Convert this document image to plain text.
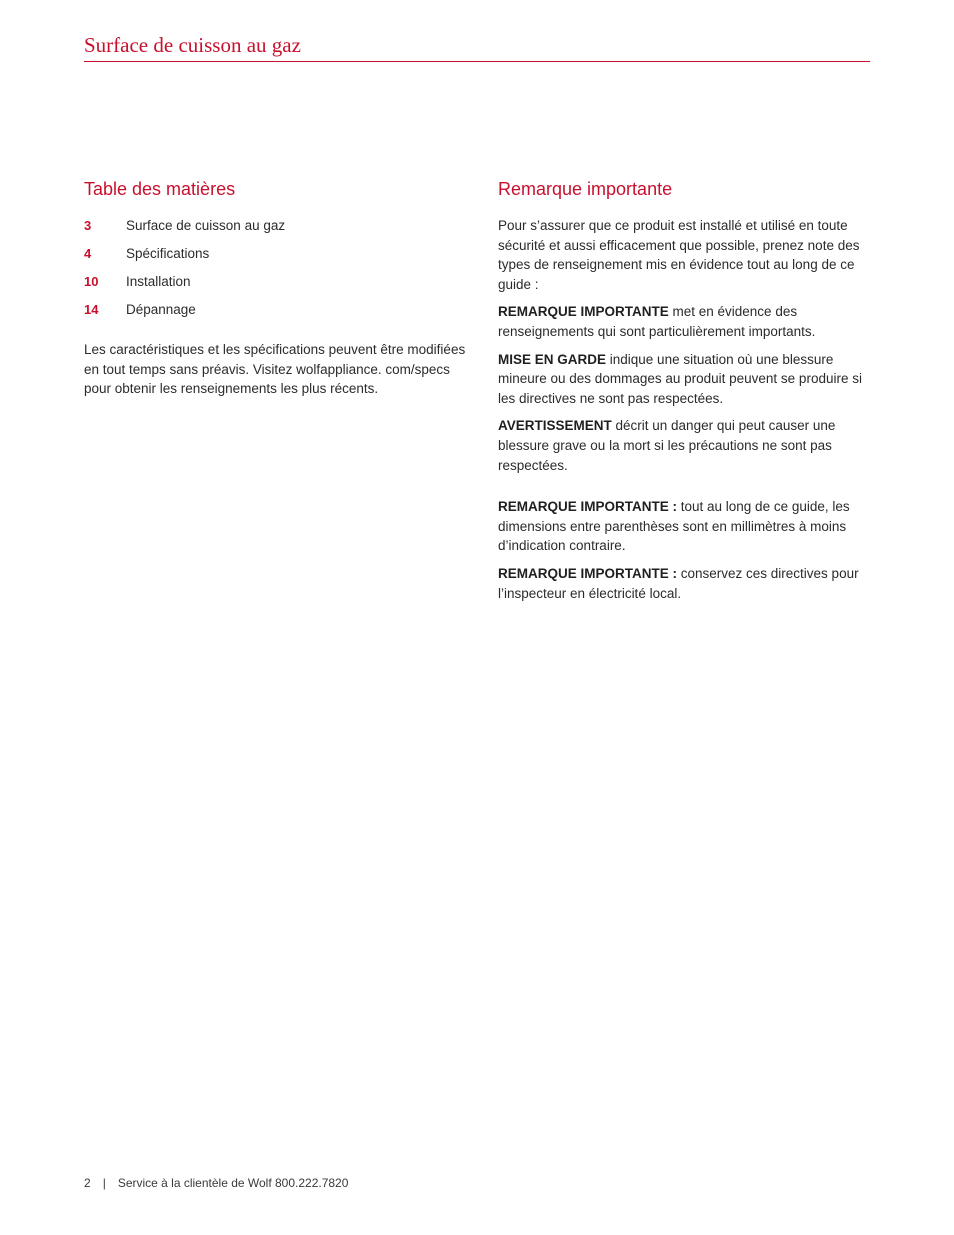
Surface de cuisson au gaz
Table des matières
3	Surface de cuisson au gaz
4	Spécifications
10	Installation
14	Dépannage

Les caractéristiques et les spécifications peuvent être modifiées en tout temps sans préavis. Visitez wolfappliance. com/specs pour obtenir les renseignements les plus récents.

Remarque importante

Pour s’assurer que ce produit est installé et utilisé en toute sécurité et aussi efficacement que possible, prenez note des types de renseignement mis en évidence tout au long de ce guide :

REMARQUE IMPORTANTE met en évidence des renseignements qui sont particulièrement importants.

MISE EN GARDE indique une situation où une blessure mineure ou des dommages au produit peuvent se produire si les directives ne sont pas respectées.

AVERTISSEMENT décrit un danger qui peut causer une blessure grave ou la mort si les précautions ne sont pas respectées.

REMARQUE IMPORTANTE : tout au long de ce guide, les dimensions entre parenthèses sont en millimètres à moins d’indication contraire.

REMARQUE IMPORTANTE : conservez ces directives pour l’inspecteur en électricité local.

2 | Service à la clientèle de Wolf 800.222.7820
